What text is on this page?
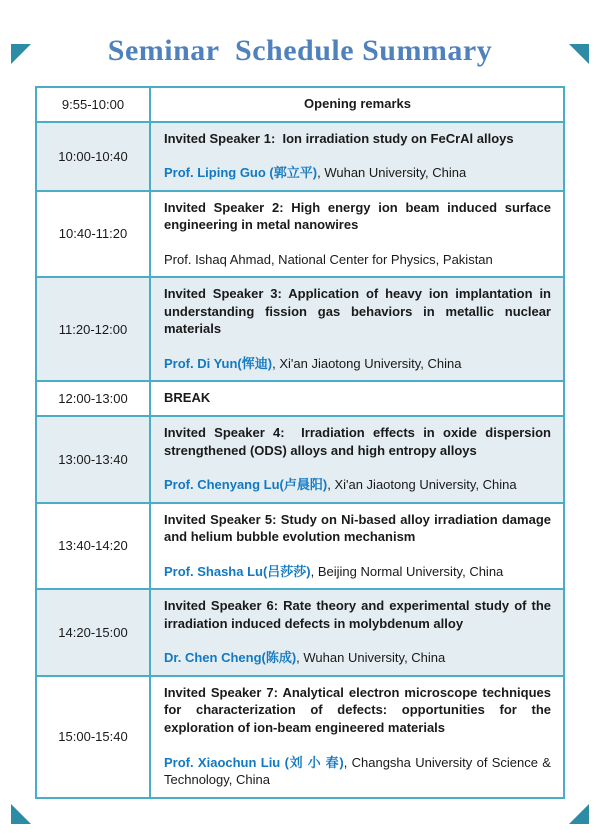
Seminar  Schedule Summary
9:55-10:00	Opening remarks

10:00-10:40	Invited Speaker 1:  Ion irradiation study on FeCrAl alloys
Prof. Liping Guo (郭立平), Wuhan University, China

10:40-11:20	Invited Speaker 2: High energy ion beam induced surface engineering in metal nanowires
Prof. Ishaq Ahmad, National Center for Physics, Pakistan

11:20-12:00	Invited Speaker 3: Application of heavy ion implantation in understanding fission gas behaviors in metallic nuclear materials
Prof. Di Yun(恽迪), Xi'an Jiaotong University, China

12:00-13:00	BREAK

13:00-13:40	Invited Speaker 4:  Irradiation effects in oxide dispersion strengthened (ODS) alloys and high entropy alloys
Prof. Chenyang Lu(卢晨阳), Xi'an Jiaotong University, China

13:40-14:20	Invited Speaker 5: Study on Ni-based alloy irradiation damage and helium bubble evolution mechanism
Prof. Shasha Lu(吕莎莎), Beijing Normal University, China

14:20-15:00	Invited Speaker 6: Rate theory and experimental study of the irradiation induced defects in molybdenum alloy
Dr. Chen Cheng(陈成), Wuhan University, China

15:00-15:40	Invited Speaker 7: Analytical electron microscope techniques for characterization of defects: opportunities for the exploration of ion-beam engineered materials
Prof. Xiaochun Liu (刘 小 春), Changsha University of Science & Technology, China
